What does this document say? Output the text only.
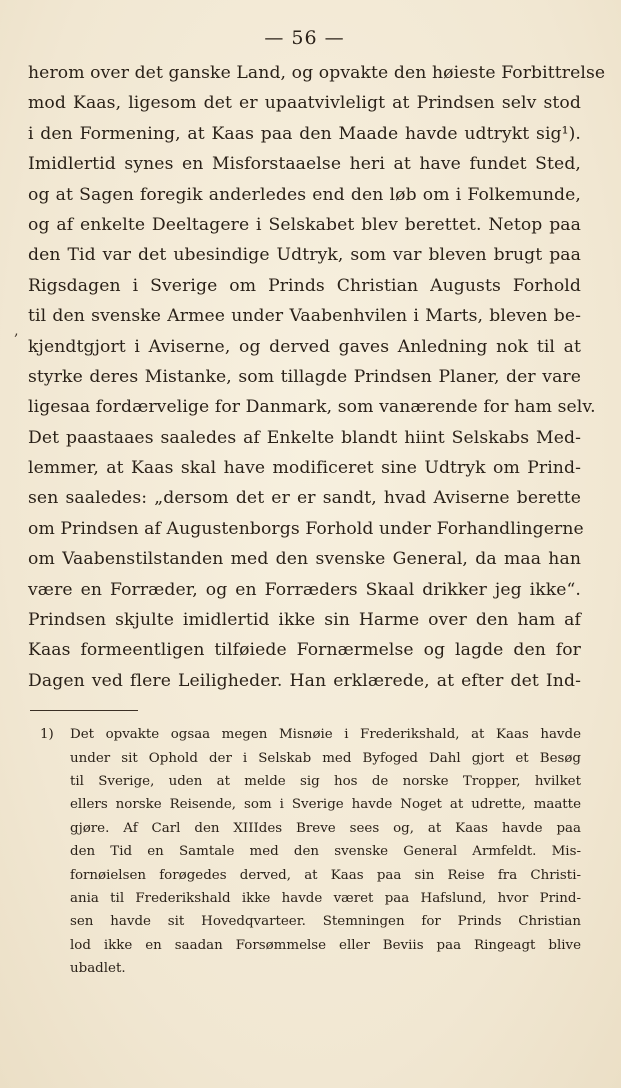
— 56 —
‚
herom over det ganske Land, og opvakte den høieste Forbittrelse
mod Kaas, ligesom det er upaatvivleligt at Prindsen selv stod
i den Formening, at Kaas paa den Maade havde udtrykt sig¹).
Imidlertid synes en Misforstaaelse heri at have fundet Sted,
og at Sagen foregik anderledes end den løb om i Folkemunde,
og af enkelte Deeltagere i Selskabet blev berettet. Netop paa
den Tid var det ubesindige Udtryk, som var bleven brugt paa
Rigsdagen i Sverige om Prinds Christian Augusts Forhold
til den svenske Armee under Vaabenhvilen i Marts, bleven be-
kjendtgjort i Aviserne, og derved gaves Anledning nok til at
styrke deres Mistanke, som tillagde Prindsen Planer, der vare
ligesaa fordærvelige for Danmark, som vanærende for ham selv.
Det paastaaes saaledes af Enkelte blandt hiint Selskabs Med-
lemmer, at Kaas skal have modificeret sine Udtryk om Prind-
sen saaledes: „dersom det er er sandt, hvad Aviserne berette
om Prindsen af Augustenborgs Forhold under Forhandlingerne
om Vaabenstilstanden med den svenske General, da maa han
være en Forræder, og en Forræders Skaal drikker jeg ikke“.
Prindsen skjulte imidlertid ikke sin Harme over den ham af
Kaas formeentligen tilføiede Fornærmelse og lagde den for
Dagen ved flere Leiligheder. Han erklærede, at efter det Ind-
1) Det opvakte ogsaa megen Misnøie i Frederikshald, at Kaas havde
under sit Ophold der i Selskab med Byfoged Dahl gjort et Besøg
til Sverige, uden at melde sig hos de norske Tropper, hvilket
ellers norske Reisende, som i Sverige havde Noget at udrette, maatte
gjøre. Af Carl den XIIIdes Breve sees og, at Kaas havde paa
den Tid en Samtale med den svenske General Armfeldt. Mis-
fornøielsen forøgedes derved, at Kaas paa sin Reise fra Christi-
ania til Frederikshald ikke havde været paa Hafslund, hvor Prind-
sen havde sit Hovedqvarteer. Stemningen for Prinds Christian
lod ikke en saadan Forsømmelse eller Beviis paa Ringeagt blive
ubadlet.
